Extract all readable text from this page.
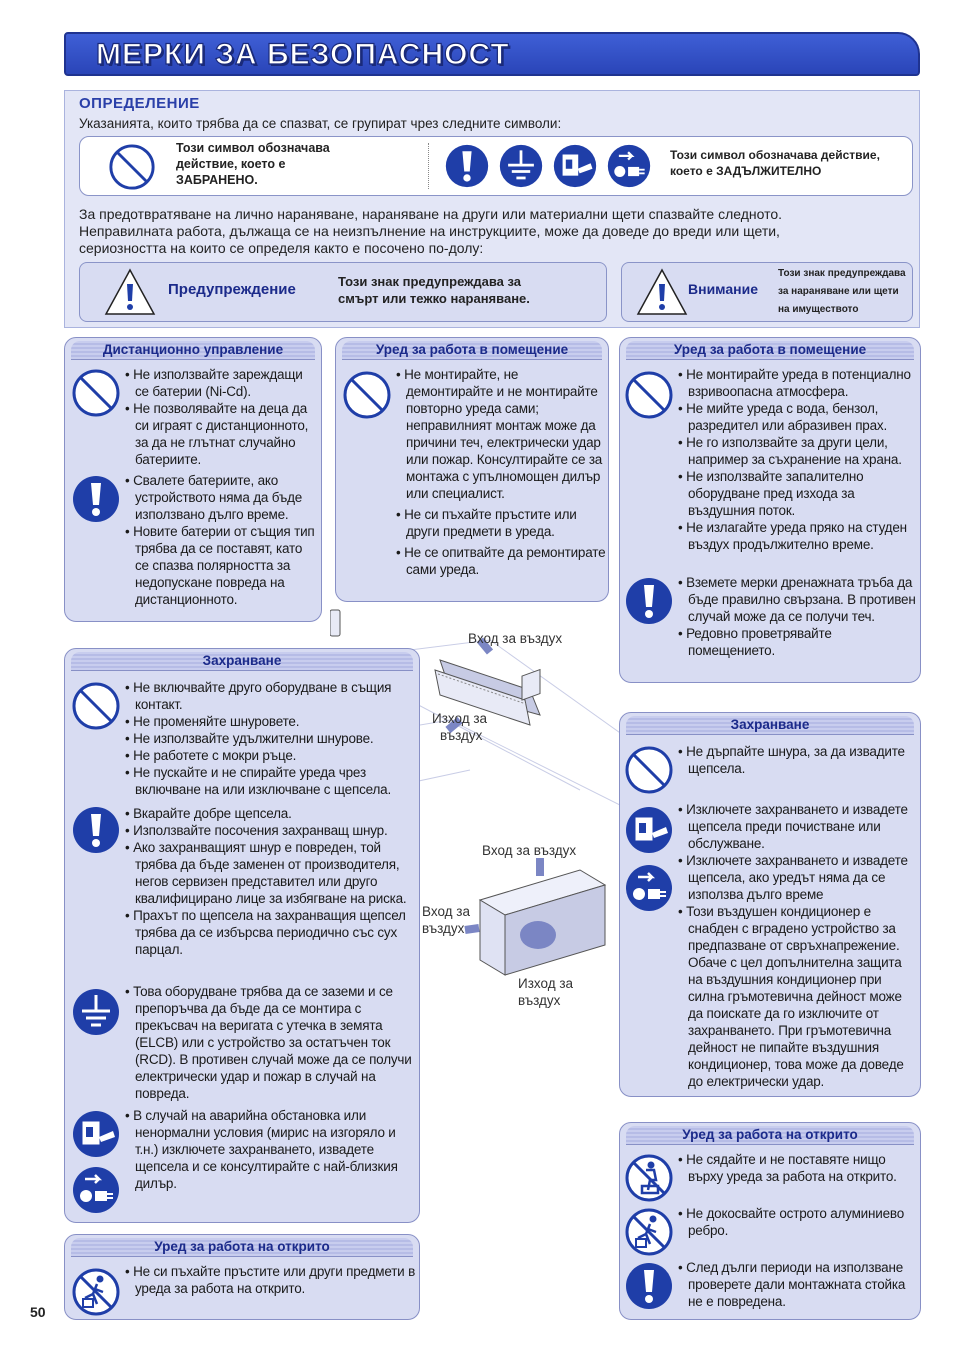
МЕРКИ ЗА БЕЗОПАСНОСТ
ОПРЕДЕЛЕНИЕ
Указанията, които трябва да се спазват, се групират чрез следните символи:
Този символ обозначава
действие, което е
ЗАБРАНЕНО.
Този символ обозначава действие,
което е ЗАДЪЛЖИТЕЛНО
За предотвратяване на лично нараняване, нараняване на други или материални щети спазвайте следното.
Неправилната работа, дължаща се на неизпълнение на инструкциите, може да доведе до вреди или щети,
сериозността на които се определя както е посочено по-долу:
Предупреждение	Този знак предупреждава за
смърт или тежко нараняване.
Внимание
Този знак предупреждава
за нараняване или щети
на имуществото
Вход за въздух
Изход за
въздух
Вход за въздух
Вход за
въздух
Изход за
въздух
Дистанционно управление

• Не използвайте зареждащи се батерии (Ni-Cd).

• Не позволявайте на деца да си играят с дистанционното, за да не глътнат случайно батериите.

• Свалете батериите, ако устройството няма да бъде използвано дълго време.

• Новите батерии от същия тип трябва да се поставят, като се спазва полярността за недопускане повреда на дистанционното.

Уред за работа в помещение

• Не монтирайте, не демонтирайте и не монтирайте повторно уреда сами; неправилният монтаж може да причини теч, електрически удар или пожар. Консултирайте се за монтажа с упълномощен дилър или специалист.

• Не си пъхайте пръстите или други предмети в уреда.

• Не се опитвайте да ремонтирате сами уреда.

Уред за работа в помещение

• Не монтирайте уреда в потенциално взривоопасна атмосфера.

• Не мийте уреда с вода, бензол, разредител или абразивен прах.

• Не го използвайте за други цели, например за съхранение на храна.

• Не използвайте запалително оборудване пред изхода за въздушния поток.

• Не излагайте уреда пряко на студен въздух продължително време.

• Вземете мерки дренажната тръба да бъде правилно свързана. В противен случай може да се получи теч.

• Редовно проветрявайте помещението.

Захранване

• Не включвайте друго оборудване в същия контакт.

• Не променяйте шнуровете.

• Не използвайте удължителни шнурове.

• Не работете с мокри ръце.

• Не пускайте и не спирайте уреда чрез включване на или изключване с щепсела.

• Вкарайте добре щепсела.

• Използвайте посочения захранващ шнур.

• Ако захранващият шнур е повреден, той трябва да бъде заменен от производителя, негов сервизен представител или друго квалифицирано лице за избягване на риска.

• Прахът по щепсела на захранващия щепсел трябва да се избърсва периодично със сух парцал.

• Това оборудване трябва да се заземи и се препоръчва да бъде да се монтира с прекъсвач на веригата с утечка в земята (ELCB) или с устройство за остатъчен ток (RCD). В противен случай може да се получи електрически удар и пожар в случай на повреда.

• В случай на аварийна обстановка или ненормални условия (мирис на изгоряло и т.н.) изключете захранването, извадете щепсела и се консултирайте с най-близкия дилър.

Захранване

• Не дърпайте шнура, за да извадите щепсела.

• Изключете захранването и извадете щепсела преди почистване или обслужване.

• Изключете захранването и извадете щепсела, ако уредът няма да се използва дълго време

• Този въздушен кондиционер е снабден с вградено устройство за предпазване от свръхнапрежение. Обаче с цел допълнителна защита на въздушния кондиционер при силна гръмотевична дейност може да поискате да го изключите от захранването. При гръмотевична дейност не пипайте въздушния кондиционер, това може да доведе до електрически удар.

Уред за работа на открито

• Не си пъхайте пръстите или други предмети в уреда за работа на открито.

Уред за работа на открито

• Не сядайте и не поставяте нищо върху уреда за работа на открито.

• Не докосвайте острото алуминиево ребро.

• След дълги периоди на използване проверете дали монтажната стойка не е повредена.

50
